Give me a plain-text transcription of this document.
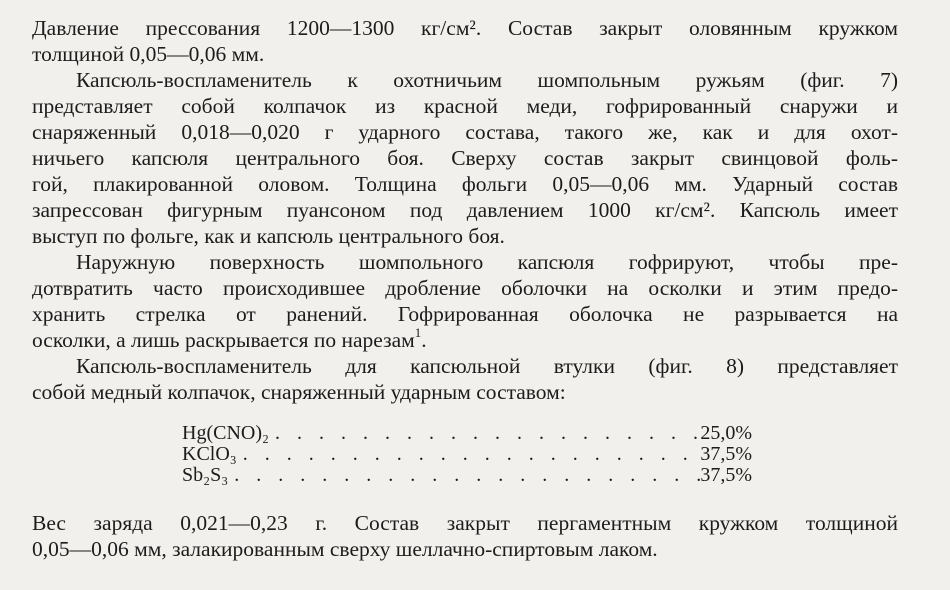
Давление прессования 1200—1300 кг/см². Состав закрыт оловянным кружком
толщиной 0,05—0,06 мм.

Капсюль-воспламенитель к охотничьим шомпольным ружьям (фиг. 7)
представляет собой колпачок из красной меди, гофрированный снаружи и
снаряженный 0,018—0,020 г ударного состава, такого же, как и для охот-
ничьего капсюля центрального боя. Сверху состав закрыт свинцовой фоль-
гой, плакированной оловом. Толщина фольги 0,05—0,06 мм. Ударный состав
запрессован фигурным пуансоном под давлением 1000 кг/см². Капсюль имеет
выступ по фольге, как и капсюль центрального боя.

Наружную поверхность шомпольного капсюля гофрируют, чтобы пре-
дотвратить часто происходившее дробление оболочки на осколки и этим предо-
хранить стрелка от ранений. Гофрированная оболочка не разрывается на
осколки, а лишь раскрывается по нарезам$^1$.

Капсюль-воспламенитель для капсюльной втулки (фиг. 8) представляет
собой медный колпачок, снаряженный ударным составом:

Hg(CNO)₂ . . .	25,0%
KClO₃ . . .	37,5%
Sb₂S₃ . . .	37,5%

Вес заряда 0,021—0,23 г. Состав закрыт пергаментным кружком толщиной
0,05—0,06 мм, залакированным сверху шеллачно-спиртовым лаком.
